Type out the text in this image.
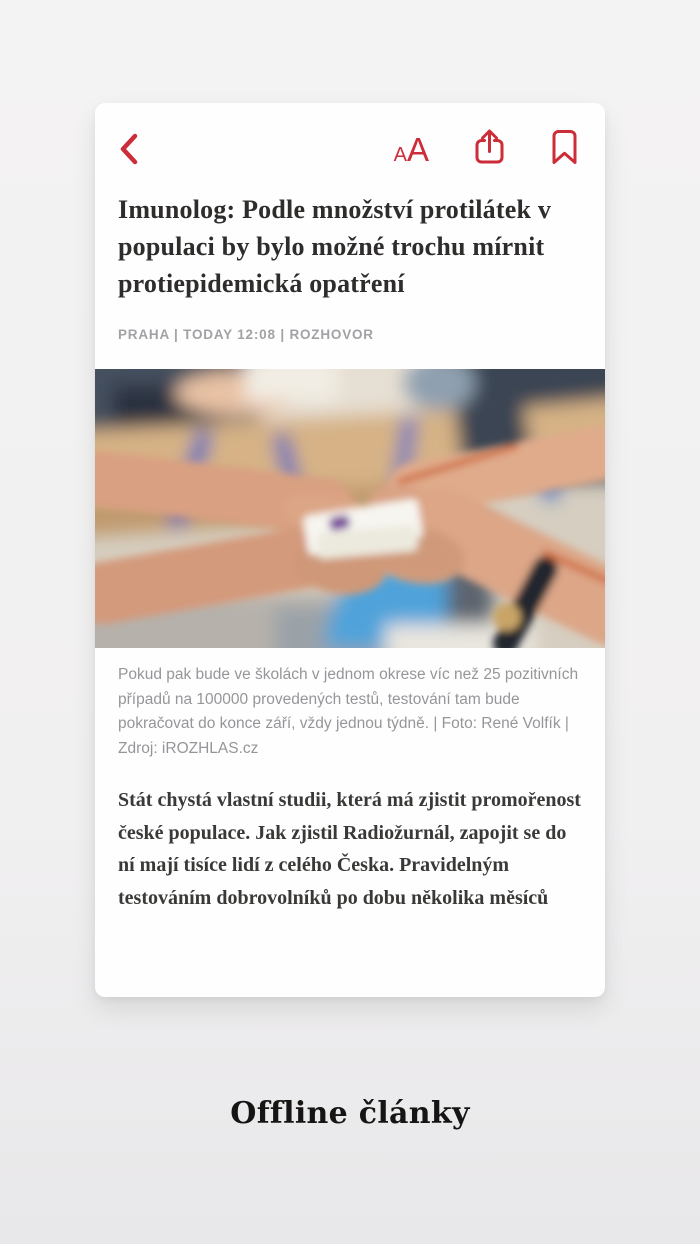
A A
Imunolog: Podle množství protilátek v populaci by bylo možné trochu mírnit protiepidemická opatření
PRAHA | TODAY 12:08 | ROZHOVOR

Pokud pak bude ve školách v jednom okrese víc než 25 pozitivních případů na 100000 provedených testů, testování tam bude pokračovat do konce září, vždy jednou týdně. | Foto: René Volfík | Zdroj: iROZHLAS.cz

Stát chystá vlastní studii, která má zjistit promořenost české populace. Jak zjistil Radiožurnál, zapojit se do ní mají tisíce lidí z celého Česka. Pravidelným testováním dobrovolníků po dobu několika měsíců

Offline články
